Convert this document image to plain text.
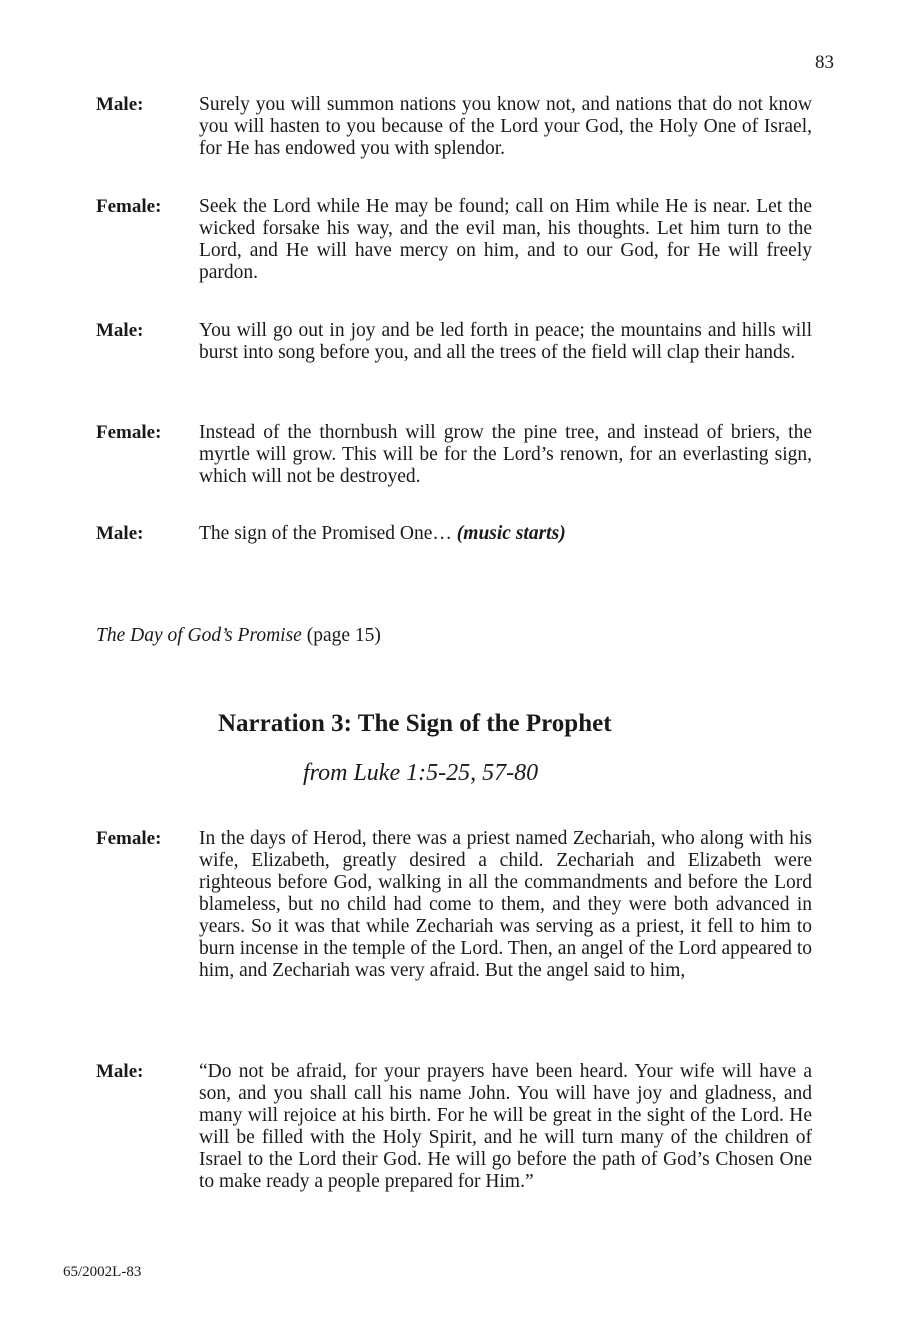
83
Male:	Surely you will summon nations you know not, and nations that do not know you will hasten to you because of the Lord your God, the Holy One of Israel, for He has endowed you with splendor.
Female: Seek the Lord while He may be found; call on Him while He is near. Let the wicked forsake his way, and the evil man, his thoughts. Let him turn to the Lord, and He will have mercy on him, and to our God, for He will freely pardon.
Male:	You will go out in joy and be led forth in peace; the mountains and hills will burst into song before you, and all the trees of the field will clap their hands.
Female: Instead of the thornbush will grow the pine tree, and instead of briers, the myrtle will grow. This will be for the Lord’s renown, for an everlasting sign, which will not be destroyed.
Male:	The sign of the Promised One… (music starts)
The Day of God’s Promise (page 15)
Narration 3: The Sign of the Prophet
from Luke 1:5-25, 57-80
Female: In the days of Herod, there was a priest named Zechariah, who along with his wife, Elizabeth, greatly desired a child. Zechariah and Elizabeth were righteous before God, walking in all the commandments and before the Lord blameless, but no child had come to them, and they were both advanced in years. So it was that while Zechariah was serving as a priest, it fell to him to burn incense in the temple of the Lord. Then, an angel of the Lord appeared to him, and Zechariah was very afraid. But the angel said to him,
Male:	“Do not be afraid, for your prayers have been heard. Your wife will have a son, and you shall call his name John. You will have joy and gladness, and many will rejoice at his birth. For he will be great in the sight of the Lord. He will be filled with the Holy Spirit, and he will turn many of the children of Israel to the Lord their God. He will go before the path of God’s Chosen One to make ready a people prepared for Him.”
65/2002L-83
